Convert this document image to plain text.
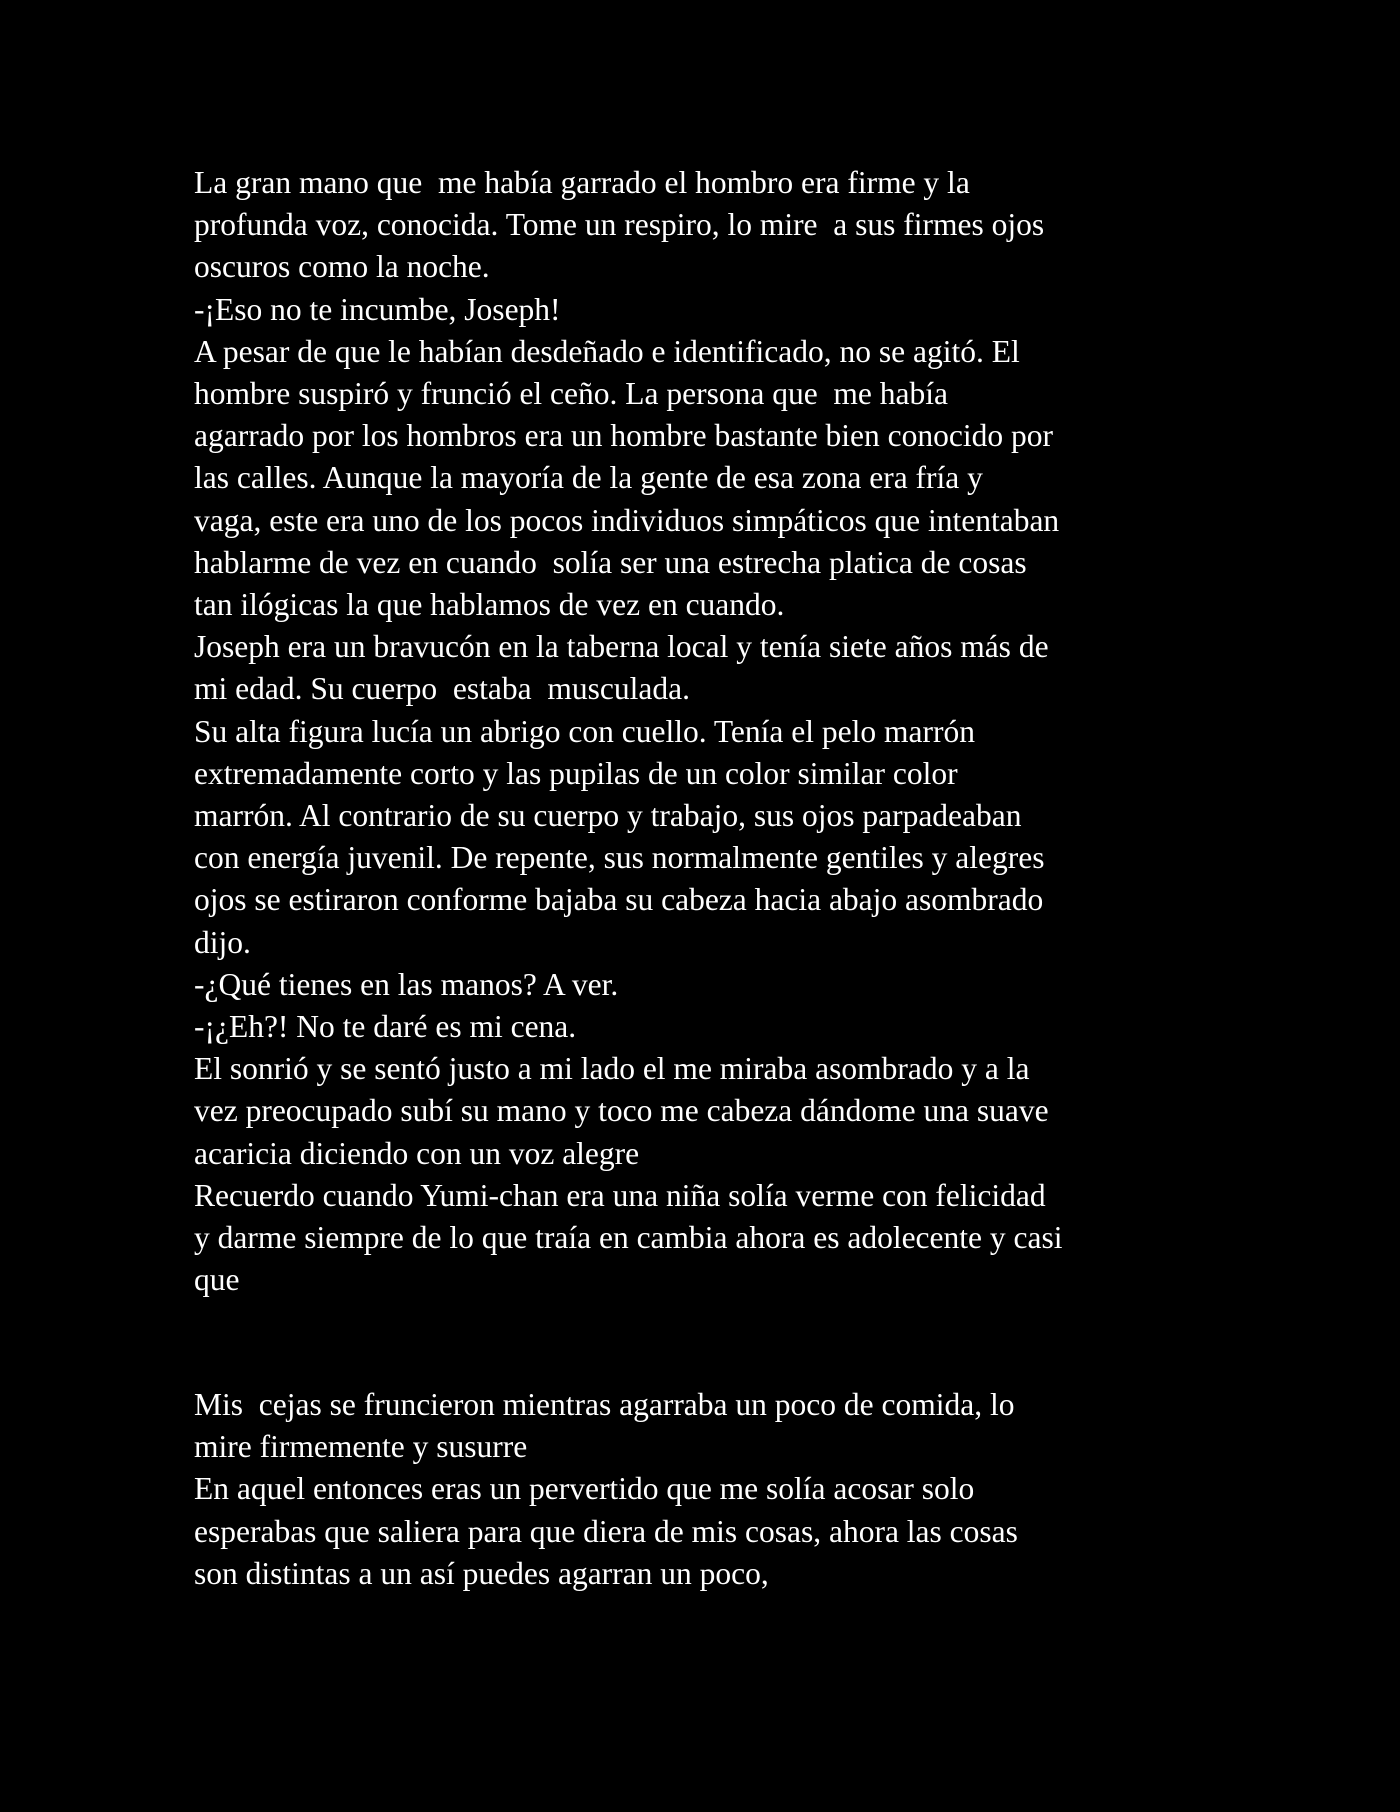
La gran mano que  me había garrado el hombro era firme y la
profunda voz, conocida. Tome un respiro, lo mire  a sus firmes ojos
oscuros como la noche.
-¡Eso no te incumbe, Joseph!
A pesar de que le habían desdeñado e identificado, no se agitó. El
hombre suspiró y frunció el ceño. La persona que  me había
agarrado por los hombros era un hombre bastante bien conocido por
las calles. Aunque la mayoría de la gente de esa zona era fría y
vaga, este era uno de los pocos individuos simpáticos que intentaban
hablarme de vez en cuando  solía ser una estrecha platica de cosas
tan ilógicas la que hablamos de vez en cuando.
Joseph era un bravucón en la taberna local y tenía siete años más de
mi edad. Su cuerpo  estaba  musculada.
Su alta figura lucía un abrigo con cuello. Tenía el pelo marrón
extremadamente corto y las pupilas de un color similar color
marrón. Al contrario de su cuerpo y trabajo, sus ojos parpadeaban
con energía juvenil. De repente, sus normalmente gentiles y alegres
ojos se estiraron conforme bajaba su cabeza hacia abajo asombrado
dijo.
-¿Qué tienes en las manos? A ver.
-¡¿Eh?! No te daré es mi cena.
El sonrió y se sentó justo a mi lado el me miraba asombrado y a la
vez preocupado subí su mano y toco me cabeza dándome una suave
acaricia diciendo con un voz alegre
Recuerdo cuando Yumi-chan era una niña solía verme con felicidad
y darme siempre de lo que traía en cambia ahora es adolecente y casi
que
Mis  cejas se fruncieron mientras agarraba un poco de comida, lo
mire firmemente y susurre
En aquel entonces eras un pervertido que me solía acosar solo
esperabas que saliera para que diera de mis cosas, ahora las cosas
son distintas a un así puedes agarran un poco,
